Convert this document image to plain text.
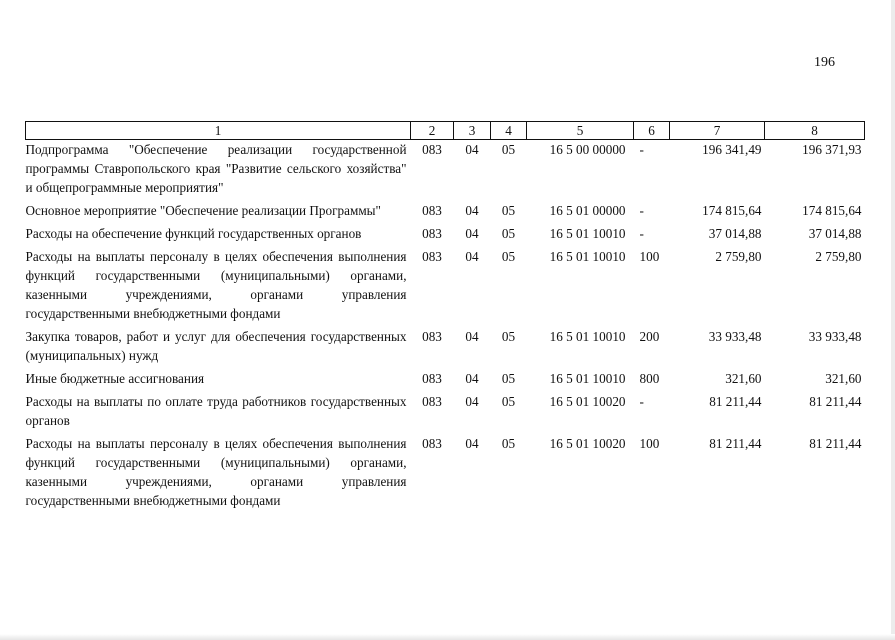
196
1	2	3	4	5	6	7	8
Подпрограмма "Обеспечение реализации государственной программы Ставропольского края "Развитие сельского хозяйства" и общепрограммные мероприятия"	083	04	05	16 5 00 00000	-	196 341,49	196 371,93
Основное мероприятие "Обеспечение реализации Программы"	083	04	05	16 5 01 00000	-	174 815,64	174 815,64
Расходы на обеспечение функций государственных органов	083	04	05	16 5 01 10010	-	37 014,88	37 014,88
Расходы на выплаты персоналу в целях обеспечения выполнения функций государственными (муниципальными) органами, казенными учреждениями, органами управления государственными внебюджетными фондами	083	04	05	16 5 01 10010	100	2 759,80	2 759,80
Закупка товаров, работ и услуг для обеспечения государственных (муниципальных) нужд	083	04	05	16 5 01 10010	200	33 933,48	33 933,48
Иные бюджетные ассигнования	083	04	05	16 5 01 10010	800	321,60	321,60
Расходы на выплаты по оплате труда работников государственных органов	083	04	05	16 5 01 10020	-	81 211,44	81 211,44
Расходы на выплаты персоналу в целях обеспечения выполнения функций государственными (муниципальными) органами, казенными учреждениями, органами управления государственными внебюджетными фондами	083	04	05	16 5 01 10020	100	81 211,44	81 211,44
